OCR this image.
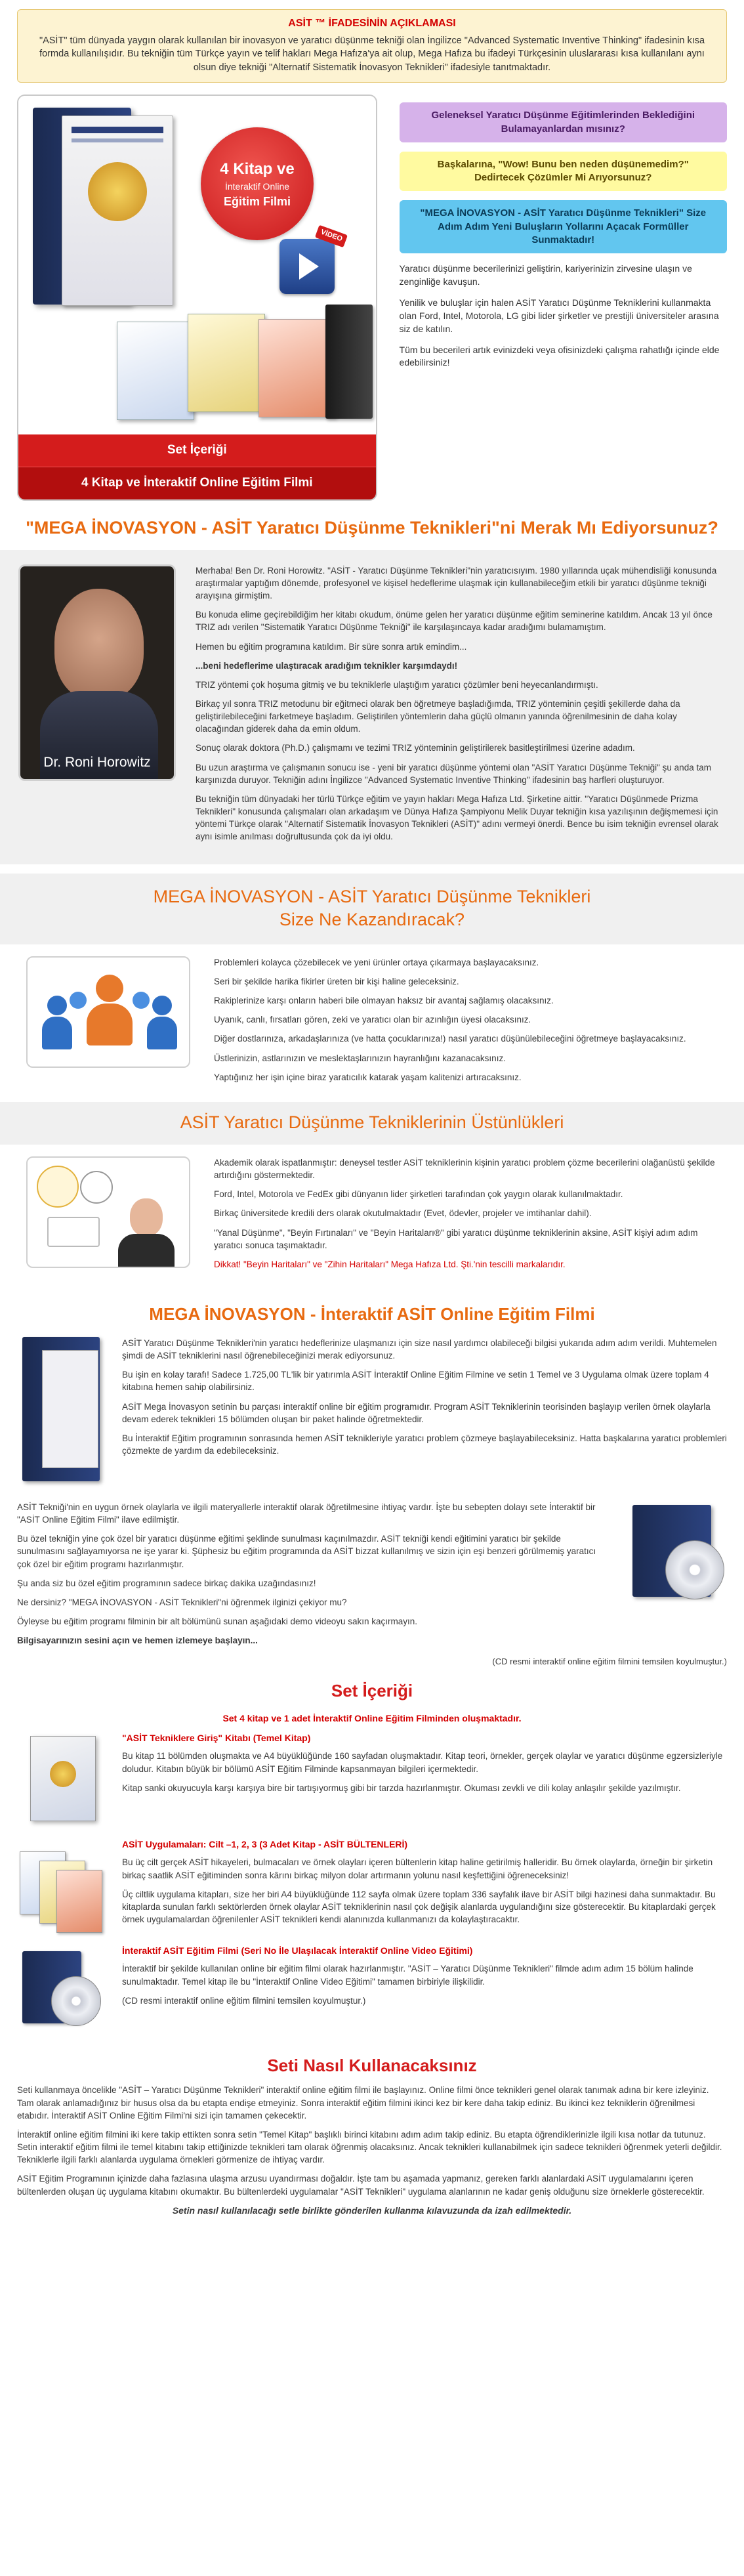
ASİT ™ İFADESİNİN AÇIKLAMASI
"ASİT" tüm dünyada yaygın olarak kullanılan bir inovasyon ve yaratıcı düşünme tekniği olan İngilizce "Advanced Systematic Inventive Thinking" ifadesinin kısa formda kullanılışıdır. Bu tekniğin tüm Türkçe yayın ve telif hakları Mega Hafıza'ya ait olup, Mega Hafıza bu ifadeyi Türkçesinin uluslararası kısa kullanılanı aynı olsun diye tekniği "Alternatif Sistematik İnovasyon Teknikleri" ifadesiyle tanıtmaktadır.
4 Kitap ve
İnteraktif Online
Eğitim Filmi
VİDEO
Set İçeriği
4 Kitap ve İnteraktif Online Eğitim Filmi
Geleneksel Yaratıcı Düşünme Eğitimlerinden Beklediğini Bulamayanlardan mısınız?
Başkalarına, "Wow! Bunu ben neden düşünemedim?" Dedirtecek Çözümler Mi Arıyorsunuz?
"MEGA İNOVASYON - ASİT Yaratıcı Düşünme Teknikleri" Size Adım Adım Yeni Buluşların Yollarını Açacak Formüller Sunmaktadır!

Yaratıcı düşünme becerilerinizi geliştirin, kariyerinizin zirvesine ulaşın ve zenginliğe kavuşun.

Yenilik ve buluşlar için halen ASİT Yaratıcı Düşünme Tekniklerini kullanmakta olan Ford, Intel, Motorola, LG gibi lider şirketler ve prestijli üniversiteler arasına siz de katılın.

Tüm bu becerileri artık evinizdeki veya ofisinizdeki çalışma rahatlığı içinde elde edebilirsiniz!

"MEGA İNOVASYON - ASİT Yaratıcı Düşünme Teknikleri"ni Merak Mı Ediyorsunuz?
Dr. Roni Horowitz

Merhaba! Ben Dr. Roni Horowitz. "ASİT - Yaratıcı Düşünme Teknikleri"nin yaratıcısıyım. 1980 yıllarında uçak mühendisliği konusunda araştırmalar yaptığım dönemde, profesyonel ve kişisel hedeflerime ulaşmak için kullanabileceğim etkili bir yaratıcı düşünme tekniği arayışına girmiştim.

Bu konuda elime geçirebildiğim her kitabı okudum, önüme gelen her yaratıcı düşünme eğitim seminerine katıldım. Ancak 13 yıl önce TRIZ adı verilen "Sistematik Yaratıcı Düşünme Tekniği" ile karşılaşıncaya kadar aradığımı bulamamıştım.

Hemen bu eğitim programına katıldım. Bir süre sonra artık emindim...

...beni hedeflerime ulaştıracak aradığım teknikler karşımdaydı!

TRIZ yöntemi çok hoşuma gitmiş ve bu tekniklerle ulaştığım yaratıcı çözümler beni heyecanlandırmıştı.

Birkaç yıl sonra TRIZ metodunu bir eğitmeci olarak ben öğretmeye başladığımda, TRIZ yönteminin çeşitli şekillerde daha da geliştirilebileceğini farketmeye başladım. Geliştirilen yöntemlerin daha güçlü olmanın yanında öğrenilmesinin de daha kolay olacağından giderek daha da emin oldum.

Sonuç olarak doktora (Ph.D.) çalışmamı ve tezimi TRIZ yönteminin geliştirilerek basitleştirilmesi üzerine adadım.

Bu uzun araştırma ve çalışmanın sonucu ise - yeni bir yaratıcı düşünme yöntemi olan "ASİT Yaratıcı Düşünme Tekniği" şu anda tam karşınızda duruyor. Tekniğin adını İngilizce "Advanced Systematic Inventive Thinking" ifadesinin baş harfleri oluşturuyor.

Bu tekniğin tüm dünyadaki her türlü Türkçe eğitim ve yayın hakları Mega Hafıza Ltd. Şirketine aittir. "Yaratıcı Düşünmede Prizma Teknikleri" konusunda çalışmaları olan arkadaşım ve Dünya Hafıza Şampiyonu Melik Duyar tekniğin kısa yazılışının değişmemesi için yöntemi Türkçe olarak "Alternatif Sistematik İnovasyon Teknikleri (ASİT)" adını vermeyi önerdi. Bence bu isim tekniğin evrensel olarak aynı isimle anılması doğrultusunda çok da iyi oldu.

MEGA İNOVASYON - ASİT Yaratıcı Düşünme Teknikleri
Size Ne Kazandıracak?

Problemleri kolayca çözebilecek ve yeni ürünler ortaya çıkarmaya başlayacaksınız.

Seri bir şekilde harika fikirler üreten bir kişi haline geleceksiniz.

Rakiplerinize karşı onların haberi bile olmayan haksız bir avantaj sağlamış olacaksınız.

Uyanık, canlı, fırsatları gören, zeki ve yaratıcı olan bir azınlığın üyesi olacaksınız.

Diğer dostlarınıza, arkadaşlarınıza (ve hatta çocuklarınıza!) nasıl yaratıcı düşünülebileceğini öğretmeye başlayacaksınız.

Üstlerinizin, astlarınızın ve meslektaşlarınızın hayranlığını kazanacaksınız.

Yaptığınız her işin içine biraz yaratıcılık katarak yaşam kalitenizi artıracaksınız.

ASİT Yaratıcı Düşünme Tekniklerinin Üstünlükleri

Akademik olarak ispatlanmıştır: deneysel testler ASİT tekniklerinin kişinin yaratıcı problem çözme becerilerini olağanüstü şekilde artırdığını göstermektedir.

Ford, Intel, Motorola ve FedEx gibi dünyanın lider şirketleri tarafından çok yaygın olarak kullanılmaktadır.

Birkaç üniversitede kredili ders olarak okutulmaktadır (Evet, ödevler, projeler ve imtihanlar dahil).

"Yanal Düşünme", "Beyin Fırtınaları" ve "Beyin Haritaları®" gibi yaratıcı düşünme tekniklerinin aksine, ASİT kişiyi adım adım yaratıcı sonuca taşımaktadır.

Dikkat! "Beyin Haritaları" ve "Zihin Haritaları" Mega Hafıza Ltd. Şti.'nin tescilli markalarıdır.

MEGA İNOVASYON - İnteraktif ASİT Online Eğitim Filmi

ASİT Yaratıcı Düşünme Teknikleri'nin yaratıcı hedeflerinize ulaşmanızı için size nasıl yardımcı olabileceği bilgisi yukarıda adım adım verildi. Muhtemelen şimdi de ASİT tekniklerini nasıl öğrenebileceğinizi merak ediyorsunuz.

Bu işin en kolay tarafı! Sadece 1.725,00 TL'lik bir yatırımla ASİT İnteraktif Online Eğitim Filmine ve setin 1 Temel ve 3 Uygulama olmak üzere toplam 4 kitabına hemen sahip olabilirsiniz.

ASİT Mega İnovasyon setinin bu parçası interaktif online bir eğitim programıdır. Program ASİT Tekniklerinin teorisinden başlayıp verilen örnek olaylarla devam ederek teknikleri 15 bölümden oluşan bir paket halinde öğretmektedir.

Bu İnteraktif Eğitim programının sonrasında hemen ASİT teknikleriyle yaratıcı problem çözmeye başlayabileceksiniz. Hatta başkalarına yaratıcı problemleri çözmekte de yardım da edebileceksiniz.

ASİT Tekniği'nin en uygun örnek olaylarla ve ilgili materyallerle interaktif olarak öğretilmesine ihtiyaç vardır. İşte bu sebepten dolayı sete İnteraktif bir "ASİT Online Eğitim Filmi" ilave edilmiştir.

Bu özel tekniğin yine çok özel bir yaratıcı düşünme eğitimi şeklinde sunulması kaçınılmazdır. ASİT tekniği kendi eğitimini yaratıcı bir şekilde sunulmasını sağlayamıyorsa ne işe yarar ki. Şüphesiz bu eğitim programında da ASİT bizzat kullanılmış ve sizin için eşi benzeri görülmemiş yaratıcı çok özel bir eğitim programı hazırlanmıştır.

Şu anda siz bu özel eğitim programının sadece birkaç dakika uzağındasınız!

Ne dersiniz? "MEGA İNOVASYON - ASİT Teknikleri"ni öğrenmek ilginizi çekiyor mu?

Öyleyse bu eğitim programı filminin bir alt bölümünü sunan aşağıdaki demo videoyu sakın kaçırmayın.

Bilgisayarınızın sesini açın ve hemen izlemeye başlayın...

(CD resmi interaktif online eğitim filmini temsilen koyulmuştur.)
Set İçeriği
Set 4 kitap ve 1 adet İnteraktif Online Eğitim Filminden oluşmaktadır.
"ASİT Tekniklere Giriş" Kitabı (Temel Kitap)

Bu kitap 11 bölümden oluşmakta ve A4 büyüklüğünde 160 sayfadan oluşmaktadır. Kitap teori, örnekler, gerçek olaylar ve yaratıcı düşünme egzersizleriyle doludur. Kitabın büyük bir bölümü ASİT Eğitim Filminde kapsanmayan bilgileri içermektedir.

Kitap sanki okuyucuyla karşı karşıya bire bir tartışıyormuş gibi bir tarzda hazırlanmıştır. Okuması zevkli ve dili kolay anlaşılır şekilde yazılmıştır.

ASİT Uygulamaları: Cilt –1, 2, 3 (3 Adet Kitap - ASİT BÜLTENLERİ)

Bu üç cilt gerçek ASİT hikayeleri, bulmacaları ve örnek olayları içeren bültenlerin kitap haline getirilmiş halleridir. Bu örnek olaylarda, örneğin bir şirketin birkaç saatlik ASİT eğitiminden sonra kârını birkaç milyon dolar artırmanın yolunu nasıl keşfettiğini öğreneceksiniz!

Üç ciltlik uygulama kitapları, size her biri A4 büyüklüğünde 112 sayfa olmak üzere toplam 336 sayfalık ilave bir ASİT bilgi hazinesi daha sunmaktadır. Bu kitaplarda sunulan farklı sektörlerden örnek olaylar ASİT tekniklerinin nasıl çok değişik alanlarda uygulandığını size gösterecektir. Bu kitaplardaki gerçek örnek uygulamalardan öğrenilenler ASİT teknikleri kendi alanınızda kullanmanızı da kolaylaştıracaktır.

İnteraktif ASİT Eğitim Filmi (Seri No İle Ulaşılacak İnteraktif Online Video Eğitimi)

İnteraktif bir şekilde kullanılan online bir eğitim filmi olarak hazırlanmıştır. "ASİT – Yaratıcı Düşünme Teknikleri" filmde adım adım 15 bölüm halinde sunulmaktadır. Temel kitap ile bu "İnteraktif Online Video Eğitimi" tamamen birbiriyle ilişkilidir.

(CD resmi interaktif online eğitim filmini temsilen koyulmuştur.)

Seti Nasıl Kullanacaksınız

Seti kullanmaya öncelikle "ASİT – Yaratıcı Düşünme Teknikleri" interaktif online eğitim filmi ile başlayınız. Online filmi önce teknikleri genel olarak tanımak adına bir kere izleyiniz. Tam olarak anlamadığınız bir husus olsa da bu etapta endişe etmeyiniz. Sonra interaktif eğitim filmini ikinci kez bir kere daha takip ediniz. Bu ikinci kez tekniklerin öğrenilmesi etabıdır. İnteraktif ASİT Online Eğitim Filmi'ni sizi için tamamen çekecektir.

İnteraktif online eğitim filmini iki kere takip ettikten sonra setin "Temel Kitap" başlıklı birinci kitabını adım adım takip ediniz. Bu etapta öğrendiklerinizle ilgili kısa notlar da tutunuz. Setin interaktif eğitim filmi ile temel kitabını takip ettiğinizde teknikleri tam olarak öğrenmiş olacaksınız. Ancak teknikleri kullanabilmek için sadece teknikleri öğrenmek yeterli değildir. Tekniklerle ilgili farklı alanlarda uygulama örnekleri görmenize de ihtiyaç vardır.

ASİT Eğitim Programının içinizde daha fazlasına ulaşma arzusu uyandırması doğaldır. İşte tam bu aşamada yapmanız, gereken farklı alanlardaki ASİT uygulamalarını içeren bültenlerden oluşan üç uygulama kitabını okumaktır. Bu bültenlerdeki uygulamalar "ASİT Teknikleri" uygulama alanlarının ne kadar geniş olduğunu size örneklerle gösterecektir.

Setin nasıl kullanılacağı setle birlikte gönderilen kullanma kılavuzunda da izah edilmektedir.
